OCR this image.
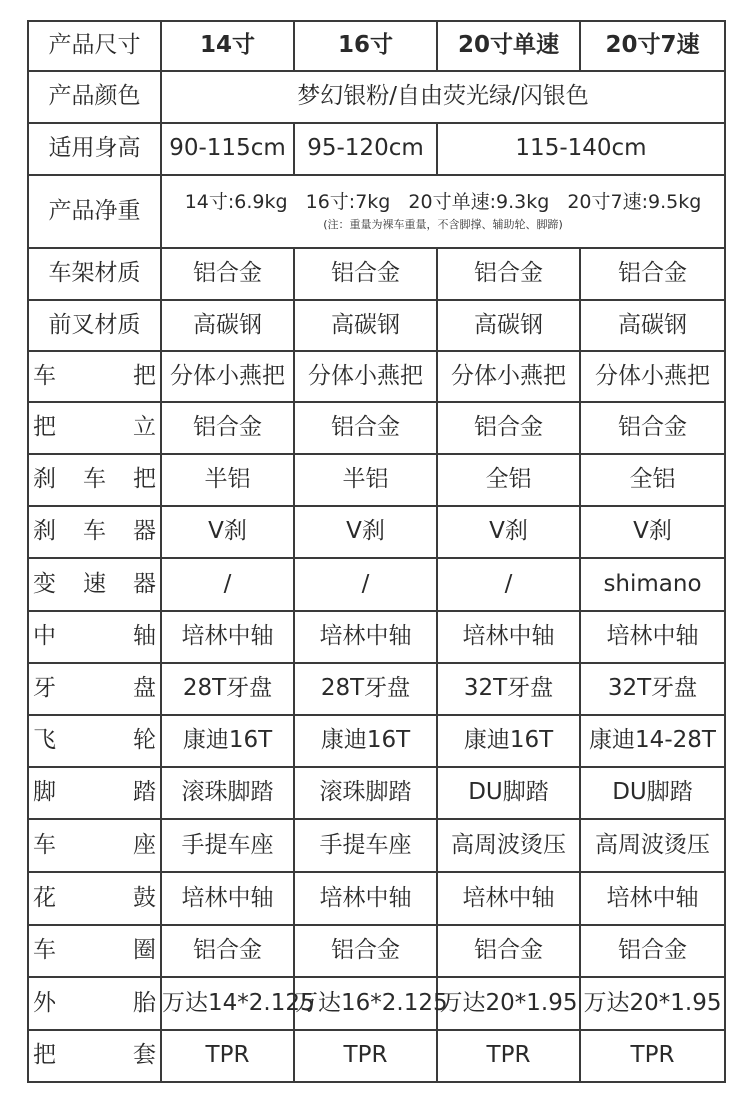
产品尺寸	14寸	16寸	20寸单速	20寸7速
产品颜色	梦幻银粉/自由荧光绿/闪银色			
适用身高	90-115cm	95-120cm	115-140cm	
产品净重	14寸:6.9kg 16寸:7kg 20寸单速:9.3kg 20寸7速:9.5kg
(注：重量为裸车重量，不含脚撑、辅助轮、脚蹄)			

车架材质	铝合金	铝合金	铝合金	铝合金
前叉材质	高碳钢	高碳钢	高碳钢	高碳钢

车 把	分体小燕把	分体小燕把	分体小燕把	分体小燕把

把 立	铝合金	铝合金	铝合金	铝合金

刹 车 把	半铝	半铝	全铝	全铝

刹 车 器	V刹	V刹	V刹	V刹

变 速 器	/	/	/	shimano

中 轴	培林中轴	培林中轴	培林中轴	培林中轴

牙 盘	28T牙盘	28T牙盘	32T牙盘	32T牙盘

飞 轮	康迪16T	康迪16T	康迪16T	康迪14-28T

脚 踏	滚珠脚踏	滚珠脚踏	DU脚踏	DU脚踏

车 座	手提车座	手提车座	高周波烫压	高周波烫压

花 鼓	培林中轴	培林中轴	培林中轴	培林中轴

车 圈	铝合金	铝合金	铝合金	铝合金

外 胎	万达14*2.125	万达16*2.125	万达20*1.95	万达20*1.95

把 套	TPR	TPR	TPR	TPR
